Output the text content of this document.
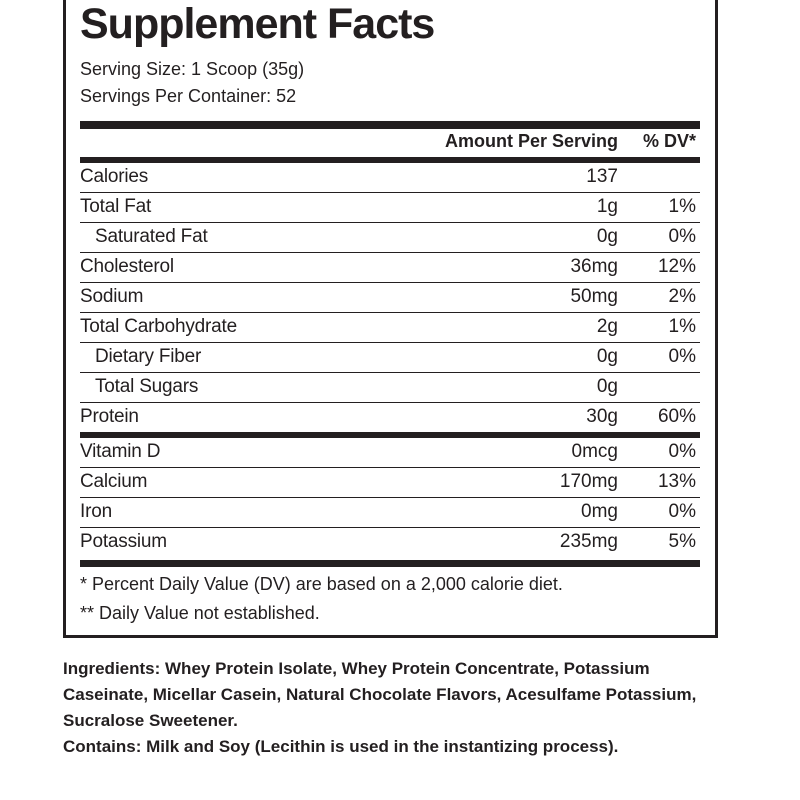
Supplement Facts
Serving Size: 1 Scoop (35g)
Servings Per Container: 52
Amount Per Serving % DV*
Calories	137
Total Fat	1g	1%
Saturated Fat	0g	0%
Cholesterol	36mg 12%
Sodium	50mg	2%
Total Carbohydrate	2g	1%
Dietary Fiber	0g	0%
Total Sugars	0g
Protein	30g 60%
Vitamin D	0mcg	0%
Calcium	170mg 13%
Iron	0mg	0%
Potassium	235mg	5%
* Percent Daily Value (DV) are based on a 2,000 calorie diet.
** Daily Value not established.

Ingredients: Whey Protein Isolate, Whey Protein Concentrate, Potassium Caseinate, Micellar Casein, Natural Chocolate Flavors, Acesulfame Potassium, Sucralose Sweetener.

Contains: Milk and Soy (Lecithin is used in the instantizing process).
